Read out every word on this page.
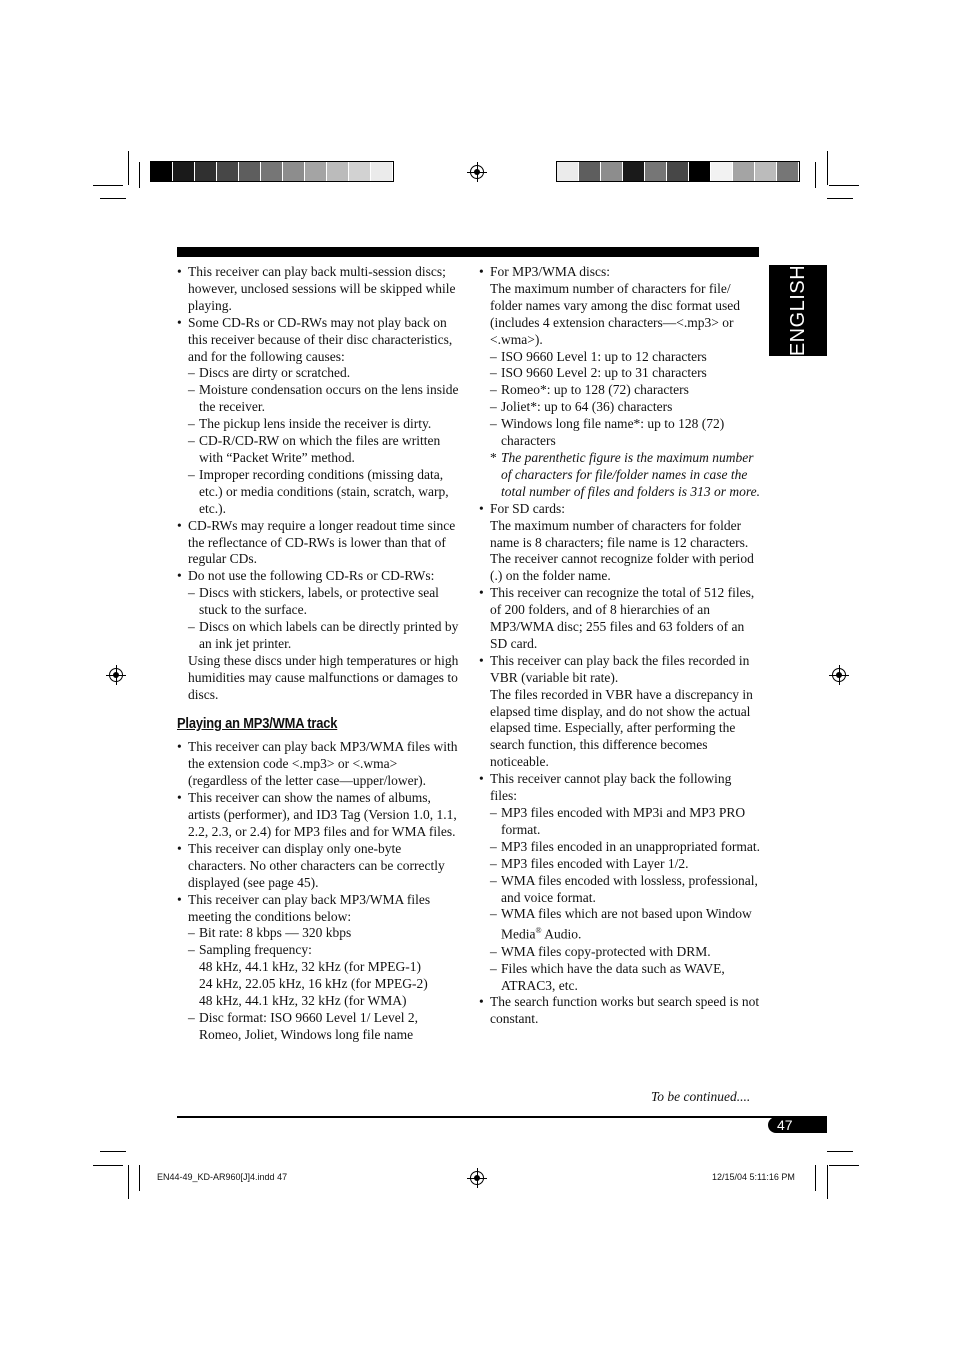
ENGLISH
• This receiver can play back multi-session discs; however, unclosed sessions will be skipped while playing.
• Some CD-Rs or CD-RWs may not play back on this receiver because of their disc characteristics, and for the following causes:
– Discs are dirty or scratched.
– Moisture condensation occurs on the lens inside the receiver.
– The pickup lens inside the receiver is dirty.
– CD-R/CD-RW on which the files are written with “Packet Write” method.
– Improper recording conditions (missing data, etc.) or media conditions (stain, scratch, warp, etc.).
• CD-RWs may require a longer readout time since the reflectance of CD-RWs is lower than that of regular CDs.
• Do not use the following CD-Rs or CD-RWs:
– Discs with stickers, labels, or protective seal stuck to the surface.
– Discs on which labels can be directly printed by an ink jet printer.
Using these discs under high temperatures or high humidities may cause malfunctions or damages to discs.
Playing an MP3/WMA track
• This receiver can play back MP3/WMA files with the extension code <.mp3> or <.wma> (regardless of the letter case—upper/lower).
• This receiver can show the names of albums, artists (performer), and ID3 Tag (Version 1.0, 1.1, 2.2, 2.3, or 2.4) for MP3 files and for WMA files.
• This receiver can display only one-byte characters. No other characters can be correctly displayed (see page 45).
• This receiver can play back MP3/WMA files meeting the conditions below:
– Bit rate: 8 kbps — 320 kbps
– Sampling frequency:
48 kHz, 44.1 kHz, 32 kHz (for MPEG-1)
24 kHz, 22.05 kHz, 16 kHz (for MPEG-2)
48 kHz, 44.1 kHz, 32 kHz (for WMA)
– Disc format: ISO 9660 Level 1/ Level 2, Romeo, Joliet, Windows long file name
• For MP3/WMA discs:
The maximum number of characters for file/ folder names vary among the disc format used (includes 4 extension characters—<.mp3> or <.wma>).
– ISO 9660 Level 1: up to 12 characters
– ISO 9660 Level 2: up to 31 characters
– Romeo*: up to 128 (72) characters
– Joliet*: up to 64 (36) characters
– Windows long file name*: up to 128 (72) characters
* The parenthetic figure is the maximum number of characters for file/folder names in case the total number of files and folders is 313 or more.
• For SD cards:
The maximum number of characters for folder name is 8 characters; file name is 12 characters.
The receiver cannot recognize folder with period (.) on the folder name.
• This receiver can recognize the total of 512 files, of 200 folders, and of 8 hierarchies of an MP3/WMA disc; 255 files and 63 folders of an SD card.
• This receiver can play back the files recorded in VBR (variable bit rate).
The files recorded in VBR have a discrepancy in elapsed time display, and do not show the actual elapsed time. Especially, after performing the search function, this difference becomes noticeable.
• This receiver cannot play back the following files:
– MP3 files encoded with MP3i and MP3 PRO format.
– MP3 files encoded in an unappropriated format.
– MP3 files encoded with Layer 1/2.
– WMA files encoded with lossless, professional, and voice format.
– WMA files which are not based upon Window Media® Audio.
– WMA files copy-protected with DRM.
– Files which have the data such as WAVE, ATRAC3, etc.
• The search function works but search speed is not constant.
To be continued....
47
EN44-49_KD-AR960[J]4.indd 47	12/15/04 5:11:16 PM
